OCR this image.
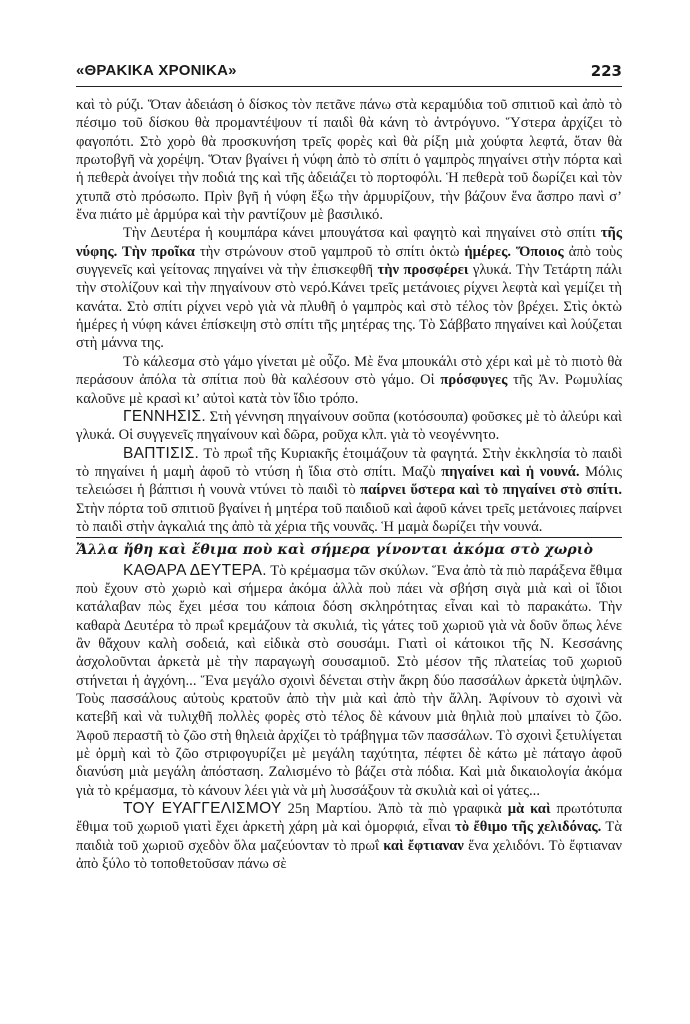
«ΘΡΑΚΙΚΑ ΧΡΟΝΙΚΑ»	223

καὶ τὸ ρύζι. Ὅταν ἀδειάση ὁ δίσκος τὸν πετᾶνε πάνω στὰ κεραμύδια τοῦ σπιτιοῦ καὶ ἀπὸ τὸ πέσιμο τοῦ δίσκου θὰ προμαντέψουν τί παιδὶ θὰ κάνη τὸ ἀντρόγυνο. Ὕστερα ἀρχίζει τὸ φαγοπότι. Στὸ χορὸ θὰ προσκυνήση τρεῖς φορὲς καὶ θὰ ρίξη μιὰ χούφτα λεφτά, ὅταν θὰ πρωτοβγῆ νὰ χορέψη. Ὅταν βγαίνει ἡ νύφη ἀπὸ τὸ σπίτι ὁ γαμπρὸς πηγαίνει στὴν πόρτα καὶ ἡ πεθερὰ ἀνοίγει τὴν ποδιά της καὶ τῆς ἀδειάζει τὸ πορτοφόλι. Ἡ πεθερὰ τοῦ δωρίζει καὶ τὸν χτυπᾶ στὸ πρόσωπο. Πρὶν βγῆ ἡ νύφη ἔξω τὴν ἁρμυρίζουν, τὴν βάζουν ἕνα ἄσπρο πανὶ σ’ ἕνα πιάτο μὲ ἁρμύρα καὶ τὴν ραντίζουν μὲ βασιλικό.

Τὴν Δευτέρα ἡ κουμπάρα κάνει μπουγάτσα καὶ φαγητὸ καὶ πηγαίνει στὸ σπίτι τῆς νύφης. Τὴν προῖκα τὴν στρώνουν στοῦ γαμπροῦ τὸ σπίτι ὀκτὼ ἡμέρες. Ὅποιος ἀπὸ τοὺς συγγενεῖς καὶ γείτονας πηγαίνει νὰ τὴν ἐπισκεφθῆ τὴν προσφέρει γλυκά. Τὴν Τετάρτη πάλι τὴν στολίζουν καὶ τὴν πηγαίνουν στὸ νερό.Κάνει τρεῖς μετάνοιες ρίχνει λεφτὰ καὶ γεμίζει τὴ κανάτα. Στὸ σπίτι ρίχνει νερὸ γιὰ νὰ πλυθῆ ὁ γαμπρὸς καὶ στὸ τέλος τὸν βρέχει. Στὶς ὀκτὼ ἡμέρες ἡ νύφη κάνει ἐπίσκεψη στὸ σπίτι τῆς μητέρας της. Τὸ Σάββατο πηγαίνει καὶ λούζεται στὴ μάννα της.

Τὸ κάλεσμα στὸ γάμο γίνεται μὲ οὖζο. Μὲ ἕνα μπουκάλι στὸ χέρι καὶ μὲ τὸ πιοτὸ θὰ περάσουν ἀπόλα τὰ σπίτια ποὺ θὰ καλέσουν στὸ γάμο. Οἱ πρόσφυγες τῆς Ἀν. Ρωμυλίας καλοῦνε μὲ κρασὶ κι’ αὐτοὶ κατὰ τὸν ἴδιο τρόπο.

ΓΕΝΝΗΣΙΣ. Στὴ γέννηση πηγαίνουν σοῦπα (κοτόσουπα) φοῦσκες μὲ τὸ ἀλεύρι καὶ γλυκά. Οἱ συγγενεῖς πηγαίνουν καὶ δῶρα, ροῦχα κλπ. γιὰ τὸ νεογέννητο.

ΒΑΠΤΙΣΙΣ. Τὸ πρωΐ τῆς Κυριακῆς ἑτοιμάζουν τὰ φαγητά. Στὴν ἐκκλησία τὸ παιδὶ τὸ πηγαίνει ἡ μαμὴ ἀφοῦ τὸ ντύση ἡ ἴδια στὸ σπίτι. Μαζὺ πηγαίνει καὶ ἡ νουνά. Μόλις τελειώσει ἡ βάπτισι ἡ νουνὰ ντύνει τὸ παιδὶ τὸ παίρνει ὕστερα καὶ τὸ πηγαίνει στὸ σπίτι. Στὴν πόρτα τοῦ σπιτιοῦ βγαίνει ἡ μητέρα τοῦ παιδιοῦ καὶ ἀφοῦ κάνει τρεῖς μετάνοιες παίρνει τὸ παιδὶ στὴν ἀγκαλιά της ἀπὸ τὰ χέρια τῆς νουνᾶς. Ἡ μαμὰ δωρίζει τὴν νουνά.

Ἄλλα ἤθη καὶ ἔθιμα ποὺ καὶ σήμερα γίνονται ἀκόμα στὸ χωριὸ

ΚΑΘΑΡΑ ΔΕΥΤΕΡΑ. Τὸ κρέμασμα τῶν σκύλων. Ἕνα ἀπὸ τὰ πιὸ παράξενα ἔθιμα ποὺ ἔχουν στὸ χωριὸ καὶ σήμερα ἀκόμα ἀλλὰ ποὺ πάει νὰ σβήση σιγὰ μιὰ καὶ οἱ ἴδιοι κατάλαβαν πὼς ἔχει μέσα του κάποια δόση σκληρότητας εἶναι καὶ τὸ παρακάτω. Τὴν καθαρὰ Δευτέρα τὸ πρωΐ κρεμάζουν τὰ σκυλιά, τὶς γάτες τοῦ χωριοῦ γιὰ νὰ δοῦν ὅπως λένε ἂν θἄχουν καλὴ σοδειά, καὶ εἰδικὰ στὸ σουσάμι. Γιατὶ οἱ κάτοικοι τῆς Ν. Κεσσάνης ἀσχολοῦνται ἀρκετὰ μὲ τὴν παραγωγὴ σουσαμιοῦ. Στὸ μέσον τῆς πλατείας τοῦ χωριοῦ στήνεται ἡ ἀγχόνη... Ἕνα μεγάλο σχοινὶ δένεται στὴν ἄκρη δύο πασσάλων ἀρκετὰ ὑψηλῶν. Τοὺς πασσάλους αὐτοὺς κρατοῦν ἀπὸ τὴν μιὰ καὶ ἀπὸ τὴν ἄλλη. Ἀφίνουν τὸ σχοινὶ νὰ κατεβῆ καὶ νὰ τυλιχθῆ πολλὲς φορὲς στὸ τέλος δὲ κάνουν μιὰ θηλιὰ ποὺ μπαίνει τὸ ζῶο. Ἀφοῦ περαστῆ τὸ ζῶο στὴ θηλειὰ ἀρχίζει τὸ τράβηγμα τῶν πασσάλων. Τὸ σχοινὶ ξετυλίγεται μὲ ὁρμὴ καὶ τὸ ζῶο στριφογυρίζει μὲ μεγάλη ταχύτητα, πέφτει δὲ κάτω μὲ πάταγο ἀφοῦ διανύση μιὰ μεγάλη ἀπόσταση. Ζαλισμένο τὸ βάζει στὰ πόδια. Καὶ μιὰ δικαιολογία ἀκόμα γιὰ τὸ κρέμασμα, τὸ κάνουν λέει γιὰ νὰ μὴ λυσσάξουν τὰ σκυλιὰ καὶ οἱ γάτες...

ΤΟΥ ΕΥΑΓΓΕΛΙΣΜΟΥ 25η Μαρτίου. Ἀπὸ τὰ πιὸ γραφικὰ μὰ καὶ πρωτότυπα ἔθιμα τοῦ χωριοῦ γιατὶ ἔχει ἀρκετὴ χάρη μὰ καὶ ὀμορφιά, εἶναι τὸ ἔθιμο τῆς χελιδόνας. Τὰ παιδιὰ τοῦ χωριοῦ σχεδὸν ὅλα μαζεύονταν τὸ πρωΐ καὶ ἔφτιαναν ἕνα χελιδόνι. Τὸ ἔφτιαναν ἀπὸ ξύλο τὸ τοποθετοῦσαν πάνω σὲ
